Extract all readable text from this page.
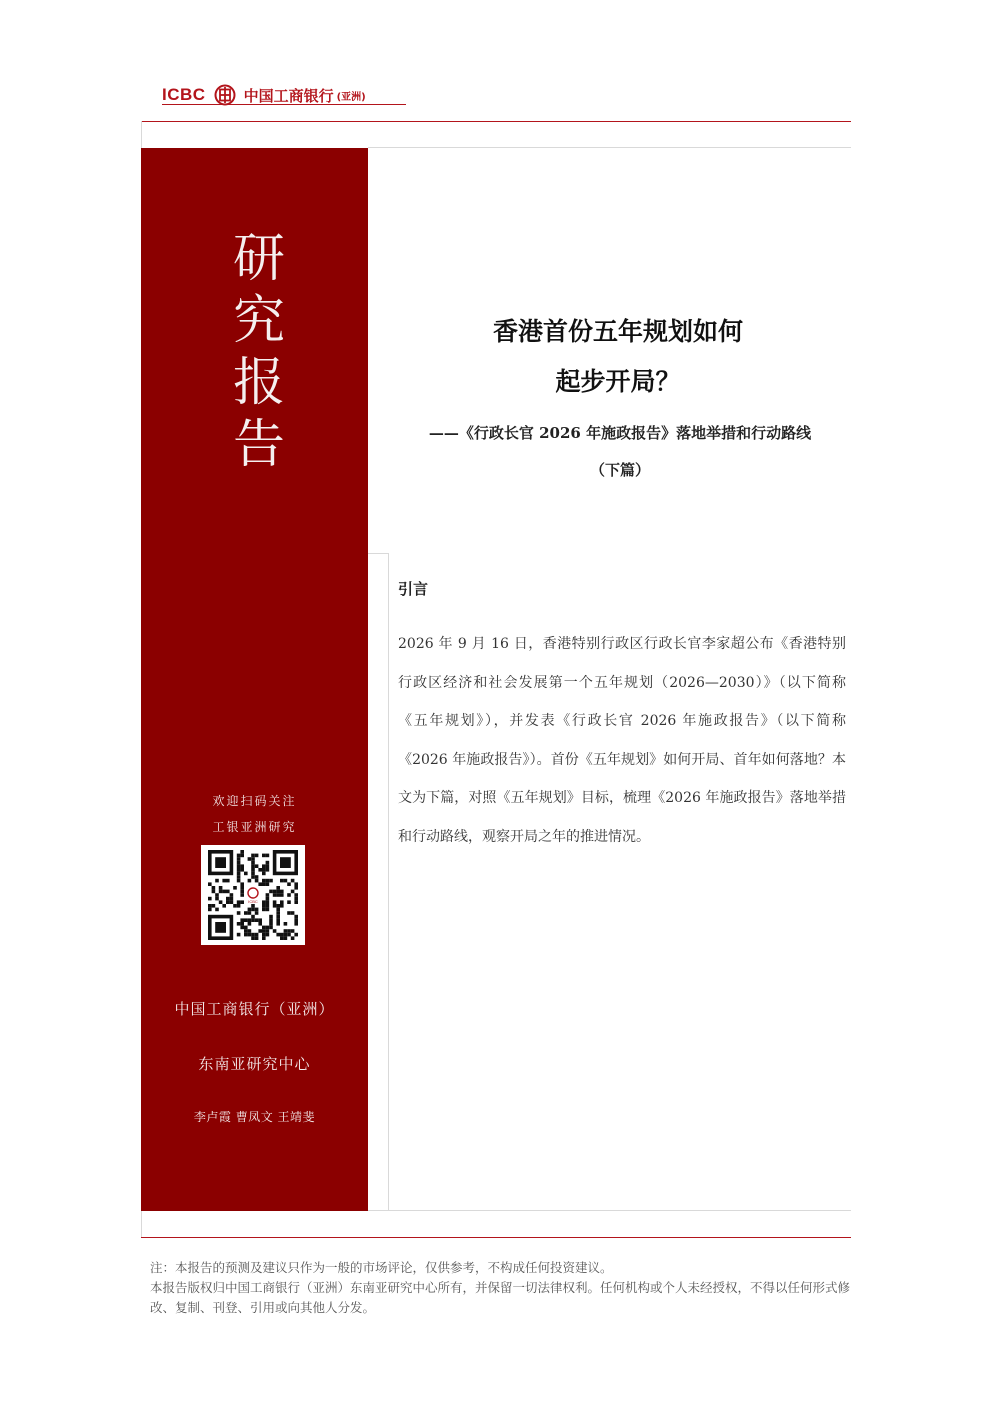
ICBC	中国工商银行 (亚洲)
研
究
报
告
欢迎扫码关注
工银亚洲研究
ICBC
中国工商银行（亚洲）
东南亚研究中心
李卢霞 曹凤文 王靖斐
香港首份五年规划如何
起步开局？
——《行政长官 2026 年施政报告》落地举措和行动路线
（下篇）
引言
2026 年 9 月 16 日，香港特别行政区行政长官李家超公布《香港特别行政区经济和社会发展第一个五年规划（2026—2030）》（以下简称《五年规划》），并发表《行政长官 2026 年施政报告》（以下简称《2026 年施政报告》）。首份《五年规划》如何开局、首年如何落地？本文为下篇，对照《五年规划》目标，梳理《2026 年施政报告》落地举措和行动路线，观察开局之年的推进情况。
注：本报告的预测及建议只作为一般的市场评论，仅供参考，不构成任何投资建议。
本报告版权归中国工商银行（亚洲）东南亚研究中心所有，并保留一切法律权利。任何机构或个人未经授权，不得以任何形式修改、复制、刊登、引用或向其他人分发。
